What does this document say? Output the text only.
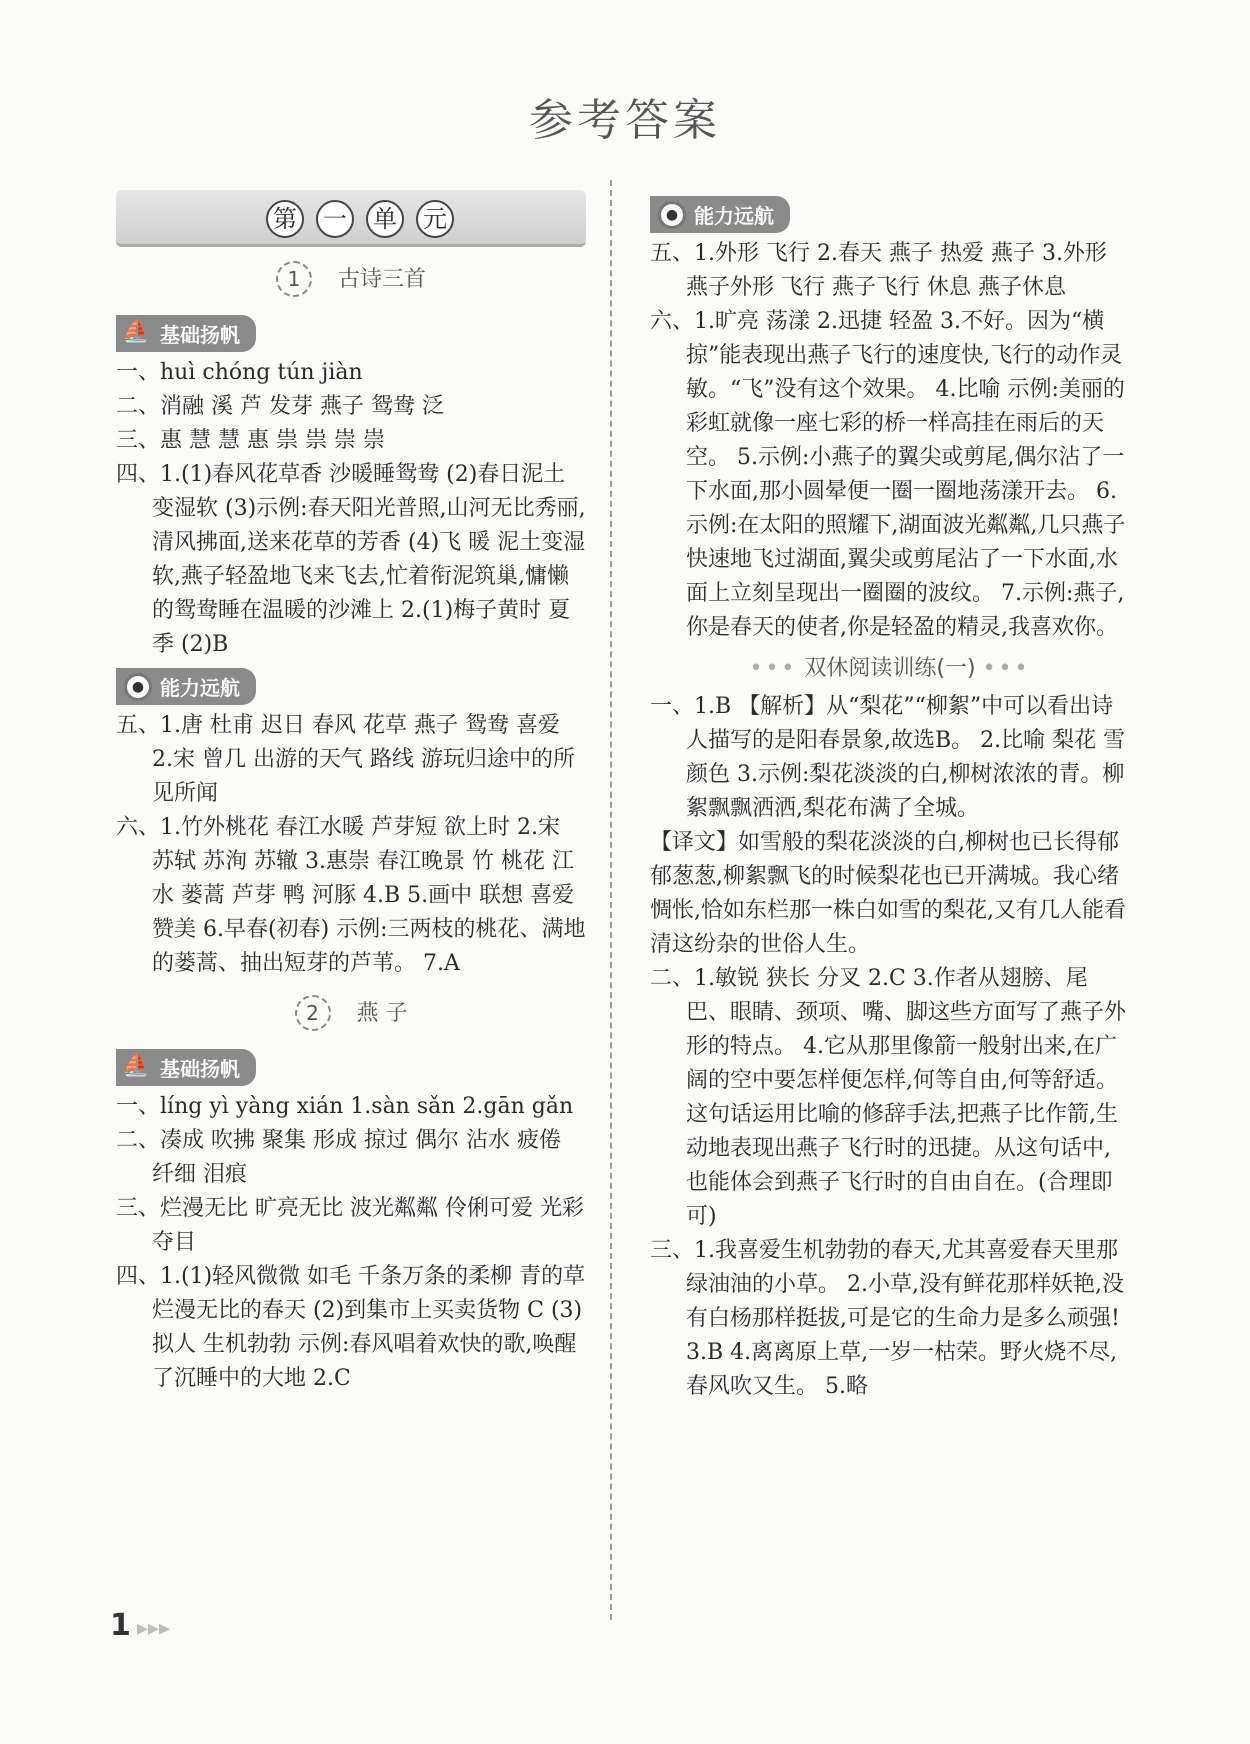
参考答案
第 一 单 元
1 古诗三首
⛵ 基础扬帆

一、huì chóng tún jiàn

二、消融 溪 芦 发芽 燕子 鸳鸯 泛

三、惠 慧 慧 惠 祟 祟 崇 崇

四、1.(1)春风花草香 沙暖睡鸳鸯 (2)春日泥土变湿软 (3)示例:春天阳光普照,山河无比秀丽,清风拂面,送来花草的芳香 (4)飞 暖 泥土变湿软,燕子轻盈地飞来飞去,忙着衔泥筑巢,慵懒的鸳鸯睡在温暖的沙滩上 2.(1)梅子黄时 夏季 (2)B

● 能力远航

五、1.唐 杜甫 迟日 春风 花草 燕子 鸳鸯 喜爱 2.宋 曾几 出游的天气 路线 游玩归途中的所见所闻

六、1.竹外桃花 春江水暖 芦芽短 欲上时 2.宋 苏轼 苏洵 苏辙 3.惠崇 春江晚景 竹 桃花 江水 蒌蒿 芦芽 鸭 河豚 4.B 5.画中 联想 喜爱 赞美 6.早春(初春) 示例:三两枝的桃花、满地的蒌蒿、抽出短芽的芦苇。 7.A

2 燕 子
⛵ 基础扬帆

一、líng yì yàng xián 1.sàn sǎn 2.gān gǎn

二、凑成 吹拂 聚集 形成 掠过 偶尔 沾水 疲倦 纤细 泪痕

三、烂漫无比 旷亮无比 波光粼粼 伶俐可爱 光彩夺目

四、1.(1)轻风微微 如毛 千条万条的柔柳 青的草 烂漫无比的春天 (2)到集市上买卖货物 C (3)拟人 生机勃勃 示例:春风唱着欢快的歌,唤醒了沉睡中的大地 2.C

● 能力远航

五、1.外形 飞行 2.春天 燕子 热爱 燕子 3.外形 燕子外形 飞行 燕子飞行 休息 燕子休息

六、1.旷亮 荡漾 2.迅捷 轻盈 3.不好。因为“横掠”能表现出燕子飞行的速度快,飞行的动作灵敏。“飞”没有这个效果。 4.比喻 示例:美丽的彩虹就像一座七彩的桥一样高挂在雨后的天空。 5.示例:小燕子的翼尖或剪尾,偶尔沾了一下水面,那小圆晕便一圈一圈地荡漾开去。 6.示例:在太阳的照耀下,湖面波光粼粼,几只燕子快速地飞过湖面,翼尖或剪尾沾了一下水面,水面上立刻呈现出一圈圈的波纹。 7.示例:燕子,你是春天的使者,你是轻盈的精灵,我喜欢你。

••• 双休阅读训练(一) •••

一、1.B 【解析】从“梨花”“柳絮”中可以看出诗人描写的是阳春景象,故选B。 2.比喻 梨花 雪 颜色 3.示例:梨花淡淡的白,柳树浓浓的青。柳絮飘飘洒洒,梨花布满了全城。

【译文】如雪般的梨花淡淡的白,柳树也已长得郁郁葱葱,柳絮飘飞的时候梨花也已开满城。我心绪惆怅,恰如东栏那一株白如雪的梨花,又有几人能看清这纷杂的世俗人生。

二、1.敏锐 狭长 分叉 2.C 3.作者从翅膀、尾巴、眼睛、颈项、嘴、脚这些方面写了燕子外形的特点。 4.它从那里像箭一般射出来,在广阔的空中要怎样便怎样,何等自由,何等舒适。 这句话运用比喻的修辞手法,把燕子比作箭,生动地表现出燕子飞行时的迅捷。从这句话中,也能体会到燕子飞行时的自由自在。(合理即可)

三、1.我喜爱生机勃勃的春天,尤其喜爱春天里那绿油油的小草。 2.小草,没有鲜花那样妖艳,没有白杨那样挺拔,可是它的生命力是多么顽强! 3.B 4.离离原上草,一岁一枯荣。野火烧不尽,春风吹又生。 5.略

1 ▸▸▸
